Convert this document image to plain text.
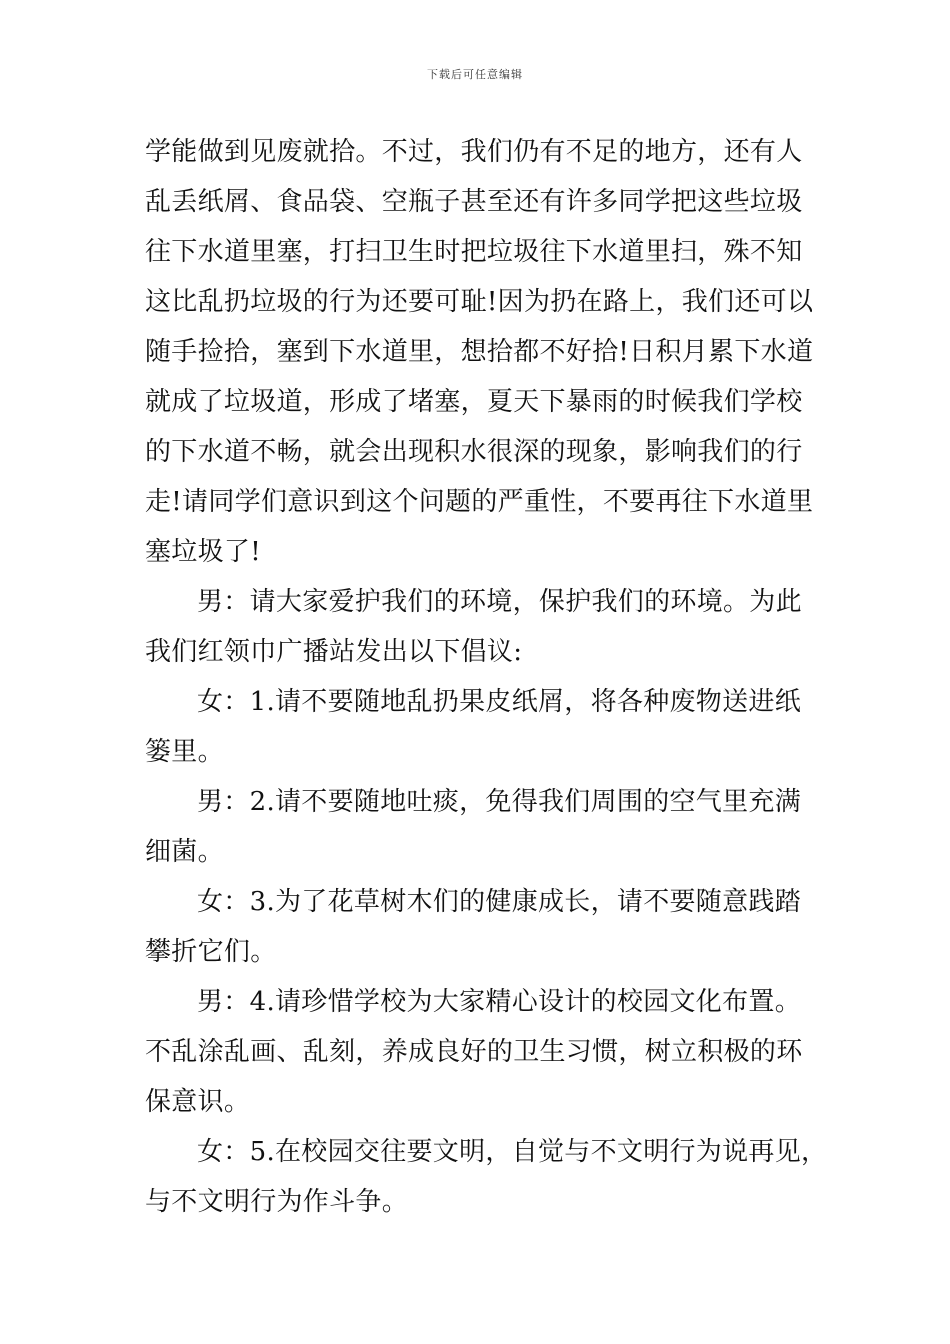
下载后可任意编辑
学能做到见废就拾。不过，我们仍有不足的地方，还有人
乱丢纸屑、食品袋、空瓶子甚至还有许多同学把这些垃圾
往下水道里塞，打扫卫生时把垃圾往下水道里扫，殊不知
这比乱扔垃圾的行为还要可耻!因为扔在路上，我们还可以
随手捡拾，塞到下水道里，想拾都不好拾!日积月累下水道
就成了垃圾道，形成了堵塞，夏天下暴雨的时候我们学校
的下水道不畅，就会出现积水很深的现象，影响我们的行
走!请同学们意识到这个问题的严重性，不要再往下水道里
塞垃圾了!
男：请大家爱护我们的环境，保护我们的环境。为此
我们红领巾广播站发出以下倡议:
女：1.请不要随地乱扔果皮纸屑，将各种废物送进纸
篓里。
男：2.请不要随地吐痰，免得我们周围的空气里充满
细菌。
女：3.为了花草树木们的健康成长，请不要随意践踏
攀折它们。
男：4.请珍惜学校为大家精心设计的校园文化布置。
不乱涂乱画、乱刻，养成良好的卫生习惯，树立积极的环
保意识。
女：5.在校园交往要文明，自觉与不文明行为说再见，
与不文明行为作斗争。
